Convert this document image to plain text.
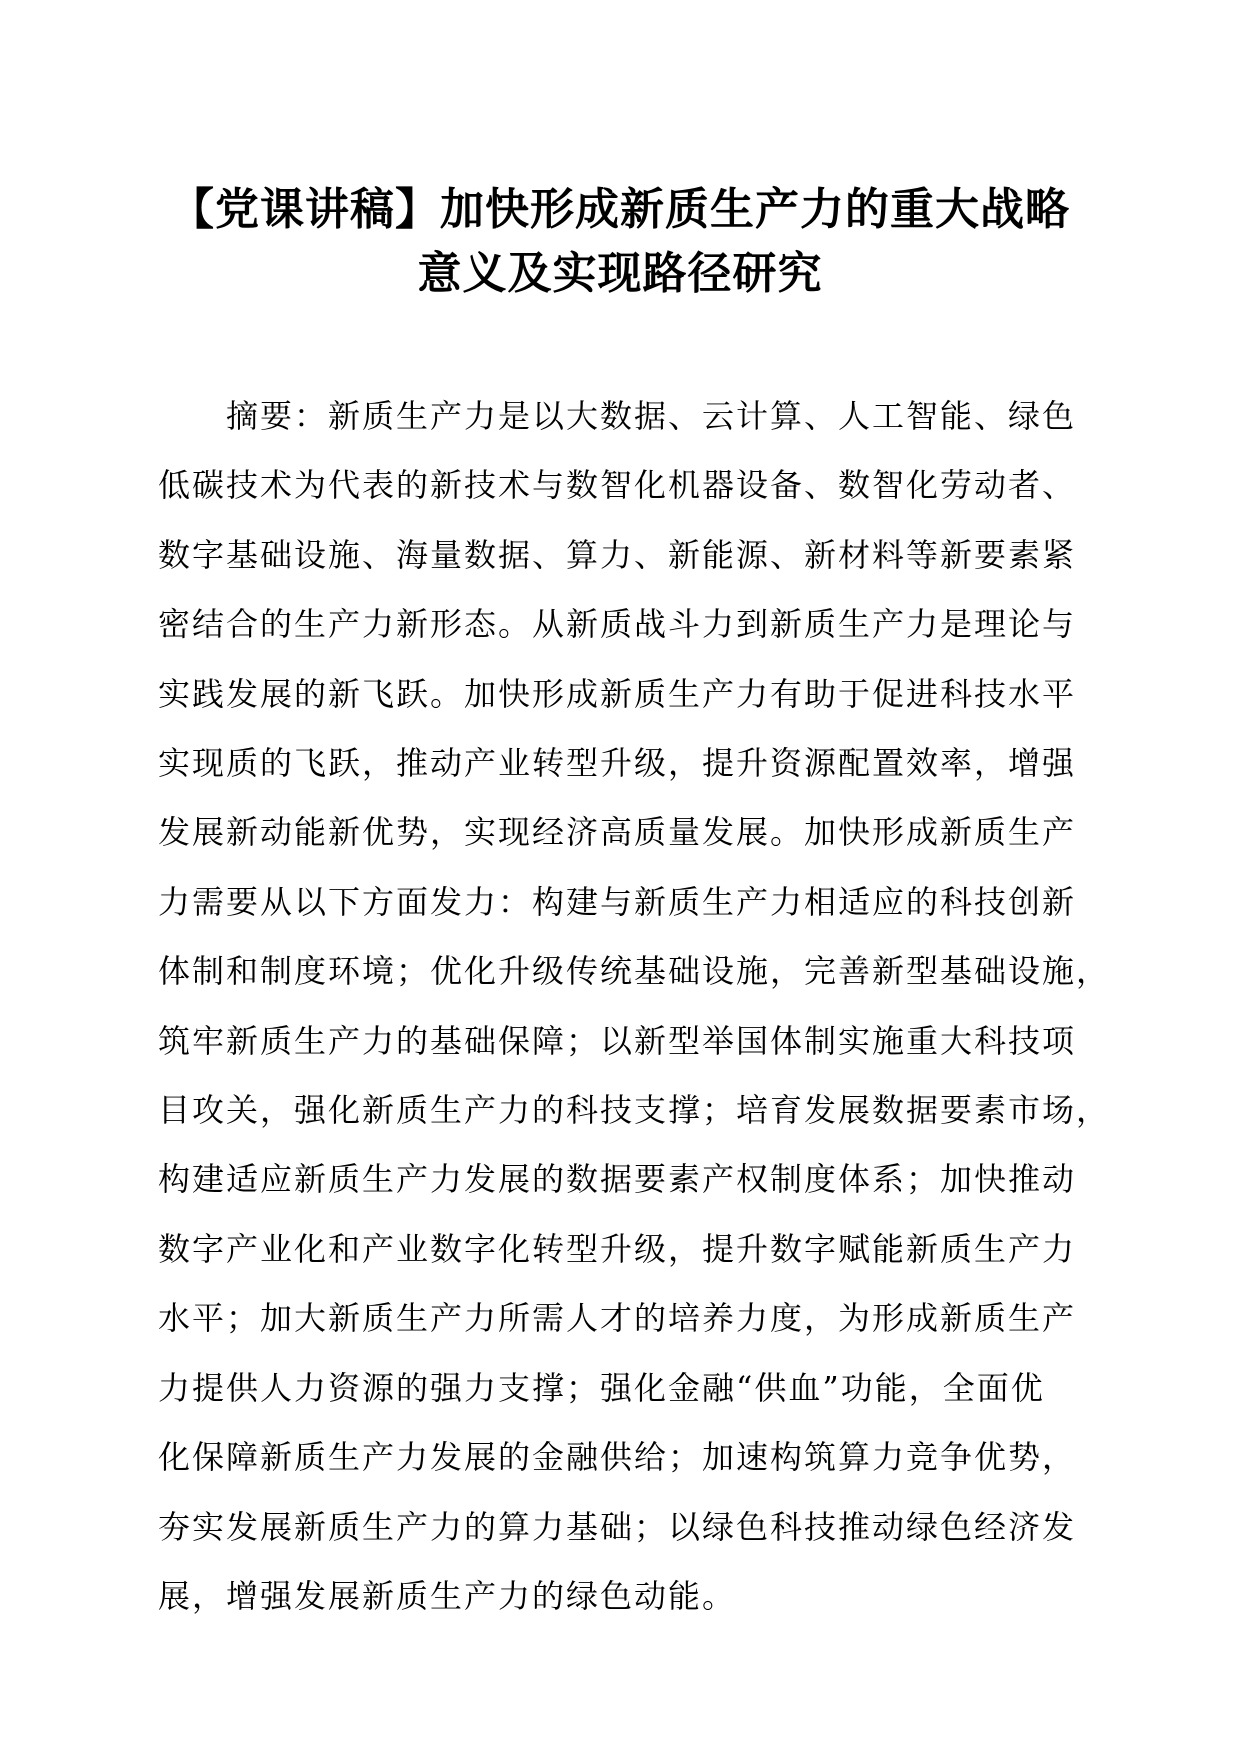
【党课讲稿】加快形成新质生产力的重大战略
意义及实现路径研究
　　摘要：新质生产力是以大数据、云计算、人工智能、绿色
低碳技术为代表的新技术与数智化机器设备、数智化劳动者、
数字基础设施、海量数据、算力、新能源、新材料等新要素紧
密结合的生产力新形态。从新质战斗力到新质生产力是理论与
实践发展的新飞跃。加快形成新质生产力有助于促进科技水平
实现质的飞跃，推动产业转型升级，提升资源配置效率，增强
发展新动能新优势，实现经济高质量发展。加快形成新质生产
力需要从以下方面发力：构建与新质生产力相适应的科技创新
体制和制度环境；优化升级传统基础设施，完善新型基础设施，
筑牢新质生产力的基础保障；以新型举国体制实施重大科技项
目攻关，强化新质生产力的科技支撑；培育发展数据要素市场，
构建适应新质生产力发展的数据要素产权制度体系；加快推动
数字产业化和产业数字化转型升级，提升数字赋能新质生产力
水平；加大新质生产力所需人才的培养力度，为形成新质生产
力提供人力资源的强力支撑；强化金融“供血”功能，全面优
化保障新质生产力发展的金融供给；加速构筑算力竞争优势，
夯实发展新质生产力的算力基础；以绿色科技推动绿色经济发
展，增强发展新质生产力的绿色动能。
